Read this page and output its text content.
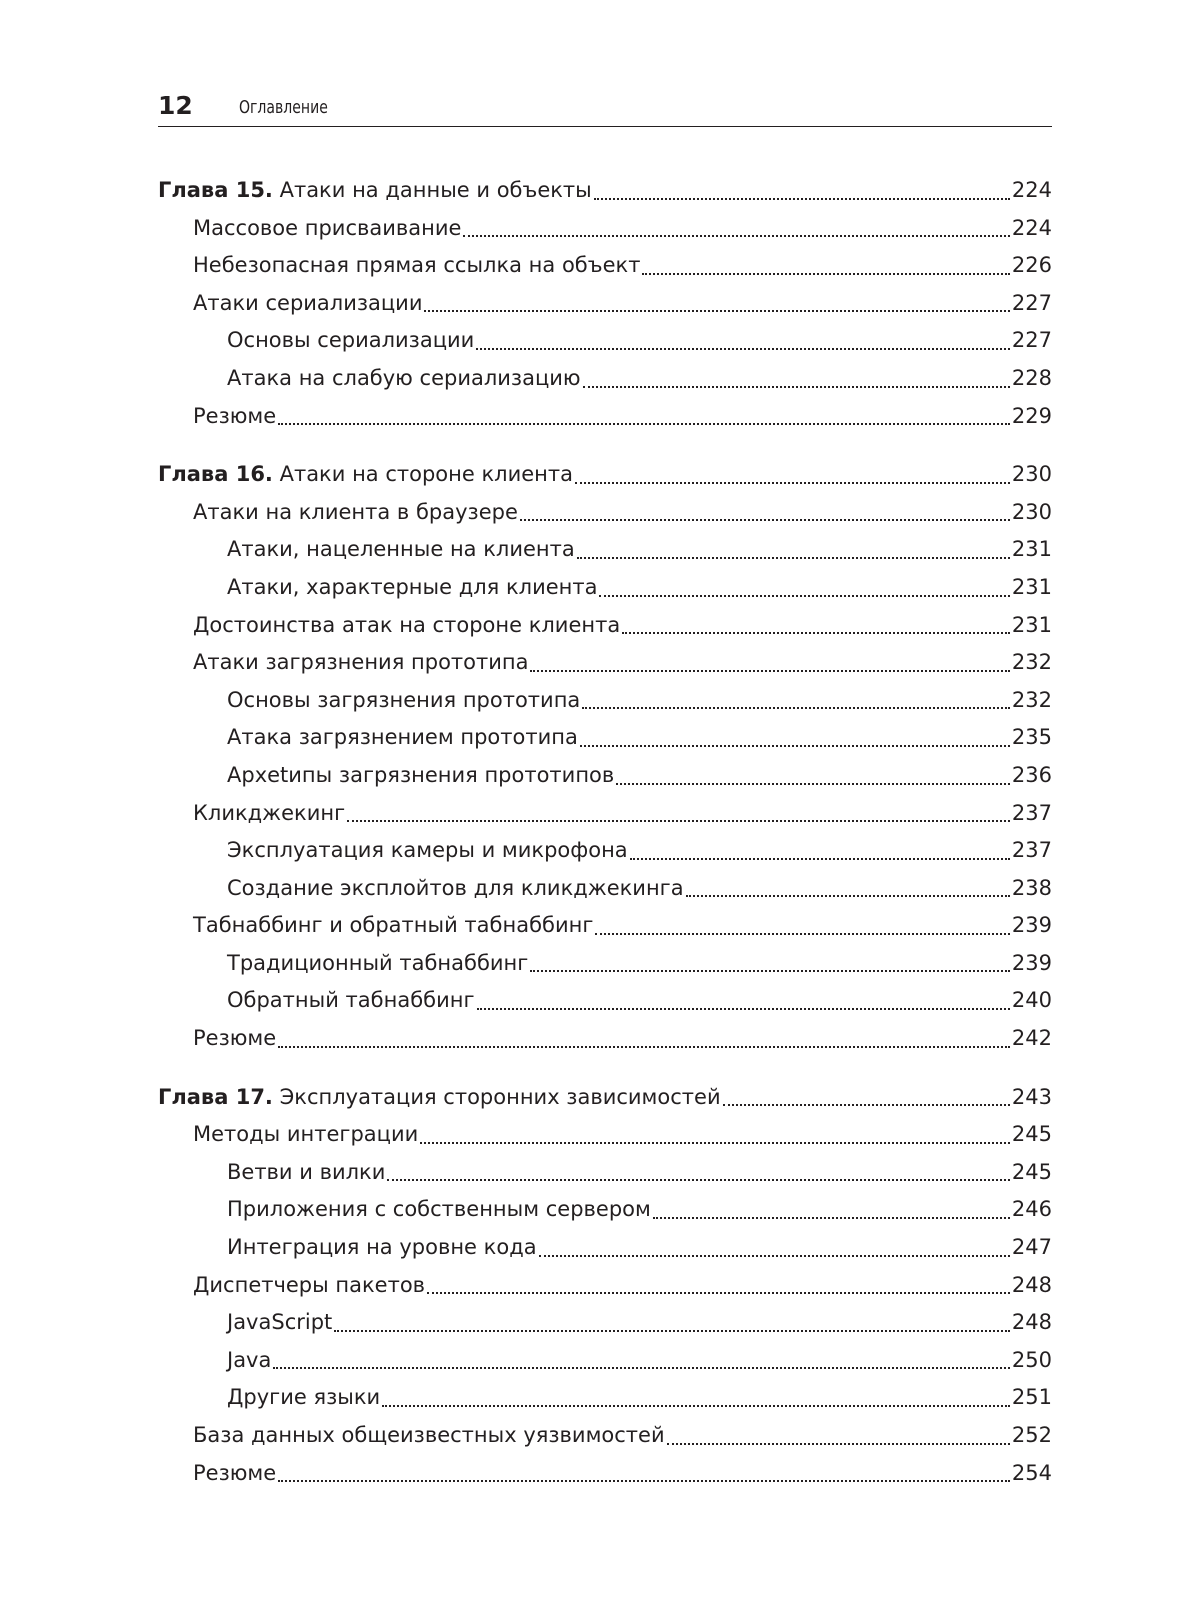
12	Оглавление
Глава 15. Атаки на данные и объекты	224
Массовое присваивание	224
Небезопасная прямая ссылка на объект	226
Атаки сериализации	227
Основы сериализации	227
Атака на слабую сериализацию	228
Резюме	229
Глава 16. Атаки на стороне клиента	230
Атаки на клиента в браузере	230
Атаки, нацеленные на клиента	231
Атаки, характерные для клиента	231
Достоинства атак на стороне клиента	231
Атаки загрязнения прототипа	232
Основы загрязнения прототипа	232
Атака загрязнением прототипа	235
Археtипы загрязнения прототипов	236
Кликджекинг	237
Эксплуатация камеры и микрофона	237
Создание эксплойтов для кликджекинга	238
Табнаббинг и обратный табнаббинг	239
Традиционный табнаббинг	239
Обратный табнаббинг	240
Резюме	242
Глава 17. Эксплуатация сторонних зависимостей	243
Методы интеграции	245
Ветви и вилки	245
Приложения с собственным сервером	246
Интеграция на уровне кода	247
Диспетчеры пакетов	248
JavaScript	248
Java	250
Другие языки	251
База данных общеизвестных уязвимостей	252
Резюме	254
